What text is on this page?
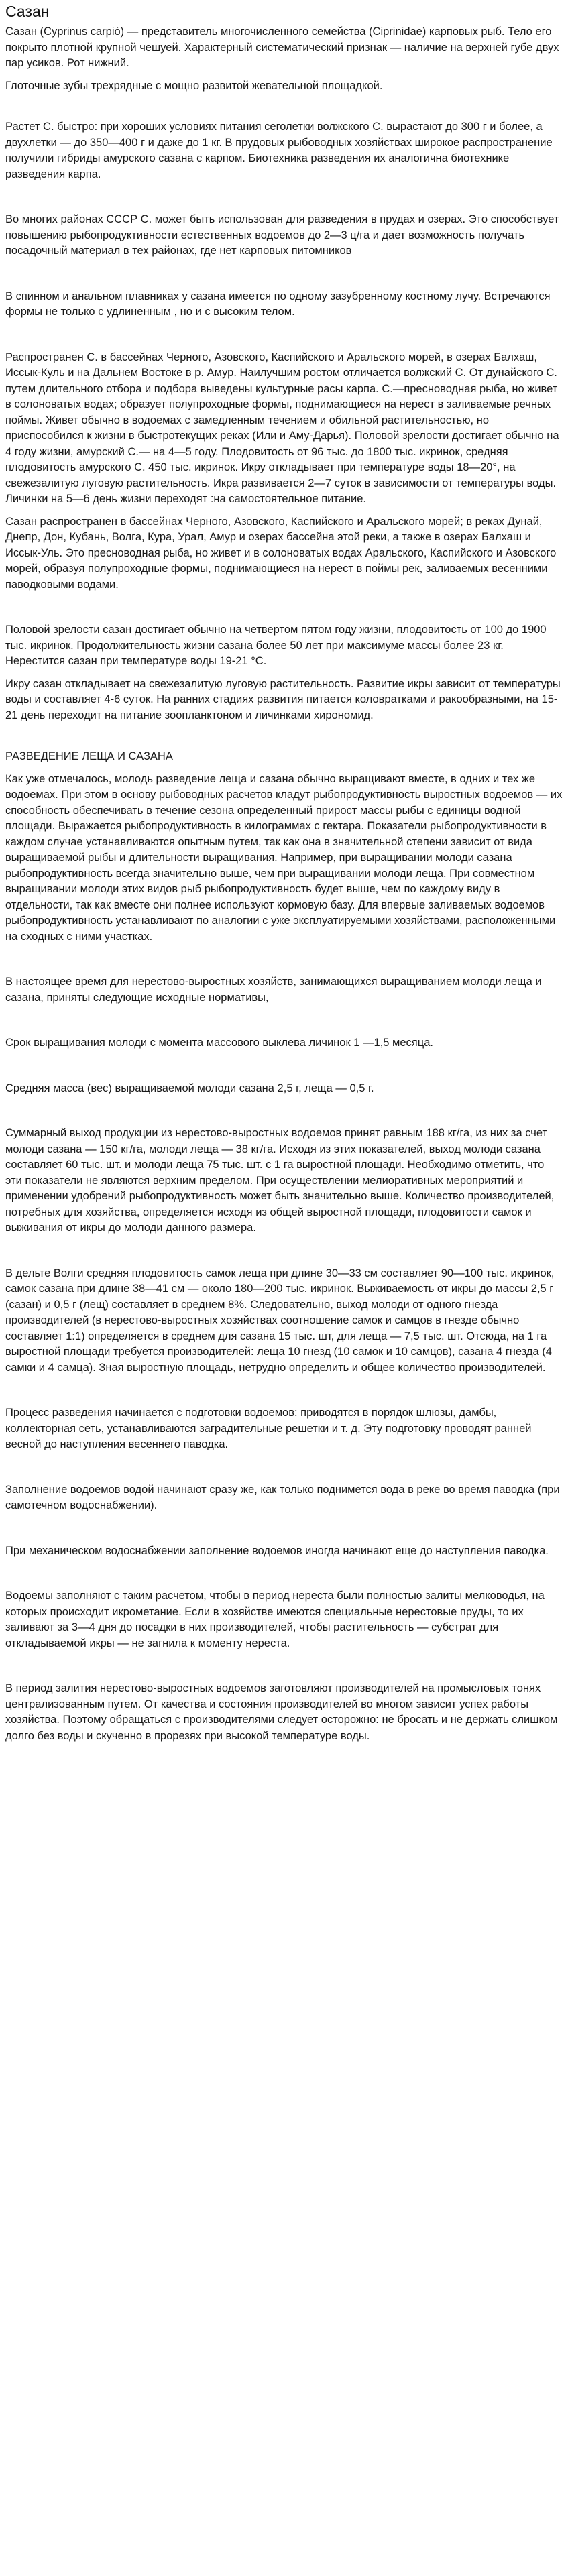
Сазан

Сазан (Cyprinus carpió) — представитель многочисленного семейства (Ciprinidae) карповых рыб. Тело его покрыто плотной крупной чешуей. Характерный систематический признак — наличие на верхней губе двух пар усиков. Рот нижний.

Глоточные зубы трехрядные с мощно развитой жевательной площадкой.

Растет С. быстро: при хороших условиях питания сеголетки волжского С. вырастают до 300 г и более, а двухлетки — до 350—400 г и даже до 1 кг. В прудовых рыбоводных хозяйствах широкое распространение получили гибриды амурского сазана с карпом. Биотехника разведения их аналогична биотехнике разведения карпа.

Во многих районах СССР С. может быть использован для разведения в прудах и озерах. Это способствует повышению рыбопродуктивности естественных водоемов до 2—3 ц/га и дает возможность получать посадочный материал в тех районах, где нет карповых питомников

В спинном и анальном плавниках у сазана имеется по одному зазубренному костному лучу. Встречаются формы не только с удлиненным , но и с высоким телом.

Распространен С. в бассейнах Черного, Азовского, Каспийского и Аральского морей, в озерах Балхаш, Иссык-Куль и на Дальнем Востоке в р. Амур. Наилучшим ростом отличается волжский С. От дунайского С. путем длительного отбора и подбора выведены культурные расы карпа. С.—пресноводная рыба, но живет в солоноватых водах; образует полупроходные формы, поднимающиеся на нерест в заливаемые речных поймы. Живет обычно в водоемах с замедленным течением и обильной растительностью, но приспособился к жизни в быстротекущих реках (Или и Аму-Дарья). Половой зрелости достигает обычно на 4 году жизни, амурский С.— на 4—5 году. Плодовитость от 96 тыс. до 1800 тыс. икринок, средняя плодовитость амурского С. 450 тыс. икринок. Икру откладывает при температуре воды 18—20°, на свежезалитую луговую растительность. Икра развивается 2—7 суток в зависимости от температуры воды. Личинки на 5—6 день жизни переходят :на самостоятельное питание.

Сазан распространен в бассейнах Черного, Азовского, Каспийского и Аральского морей; в реках Дунай, Днепр, Дон, Кубань, Волга, Кура, Урал, Амур и озерах бассейна этой реки, а также в озерах Балхаш и Иссык-Уль. Это пресноводная рыба, но живет и в солоноватых водах Аральского, Каспийского и Азовского морей, образуя полупроходные формы, поднимающиеся на нерест в поймы рек, заливаемых весенними паводковыми водами.

Половой зрелости сазан достигает обычно на четвертом пятом году жизни, плодовитость от 100 до 1900 тыс. икринок. Продолжительность жизни сазана более 50 лет при максимуме массы более 23 кг. Нерестится сазан при температуре воды 19-21 °С.

Икру сазан откладывает на свежезалитую луговую растительность. Развитие икры зависит от температуры воды и составляет 4-6 суток. На ранних стадиях развития питается коловратками и ракообразными, на 15-21 день переходит на питание зоопланктоном и личинками хирономид.

РАЗВЕДЕНИЕ ЛЕЩА И САЗАНА

Как уже отмечалось, молодь разведение леща и сазана обычно выращивают вместе, в одних и тех же водоемах. При этом в основу рыбоводных расчетов кладут рыбопродуктивность выростных водоемов — их способность обеспечивать в течение сезона определенный прирост массы рыбы с единицы водной площади. Выражается рыбопродуктивность в килограммах с гектара. Показатели рыбопродуктивности в каждом случае устанавливаются опытным путем, так как она в значительной степени зависит от вида выращиваемой рыбы и длительности выращивания. Например, при выращивании молоди сазана рыбопродуктивность всегда значительно выше, чем при выращивании молоди леща. При совместном выращивании молоди этих видов рыб рыбопродуктивность будет выше, чем по каждому виду в отдельности, так как вместе они полнее используют кормовую базу. Для впервые заливаемых водоемов рыбопродуктивность устанавливают по аналогии с уже эксплуатируемыми хозяйствами, расположенными на сходных с ними участках.

В настоящее время для нерестово-выростных хозяйств, занимающихся выращиванием молоди леща и сазана, приняты следующие исходные нормативы,

Срок выращивания молоди с момента массового выклева личинок 1 —1,5 месяца.

Средняя масса (вес) выращиваемой молоди сазана 2,5 г, леща — 0,5 г.

Суммарный выход продукции из нерестово-выростных водоемов принят равным 188 кг/га, из них за счет молоди сазана — 150 кг/га, молоди леща — 38 кг/га. Исходя из этих показателей, выход молоди сазана составляет 60 тыс. шт. и молоди леща 75 тыс. шт. с 1 га выростной площади. Необходимо отметить, что эти показатели не являются верхним пределом. При осуществлении мелиоративных мероприятий и применении удобрений рыбопродуктивность может быть значительно выше. Количество производителей, потребных для хозяйства, определяется исходя из общей выростной площади, плодовитости самок и выживания от икры до молоди данного размера.

В дельте Волги средняя плодовитость самок леща при длине 30—33 см составляет 90—100 тыс. икринок, самок сазана при длине 38—41 см — около 180—200 тыс. икринок. Выживаемость от икры до массы 2,5 г (сазан) и 0,5 г (лещ) составляет в среднем 8%. Следовательно, выход молоди от одного гнезда производителей (в нерестово-выростных хозяйствах соотношение самок и самцов в гнезде обычно составляет 1:1) определяется в среднем для сазана 15 тыс. шт, для леща — 7,5 тыс. шт. Отсюда, на 1 га выростной площади требуется производителей: леща 10 гнезд (10 самок и 10 самцов), сазана 4 гнезда (4 самки и 4 самца). Зная выростную площадь, нетрудно определить и общее количество производителей.

Процесс разведения начинается с подготовки водоемов: приводятся в порядок шлюзы, дамбы, коллекторная сеть, устанавливаются заградительные решетки и т. д. Эту подготовку проводят ранней весной до наступления весеннего паводка.

Заполнение водоемов водой начинают сразу же, как только поднимется вода в реке во время паводка (при самотечном водоснабжении).

При механическом водоснабжении заполнение водоемов иногда начинают еще до наступления паводка.

Водоемы заполняют с таким расчетом, чтобы в период нереста были полностью залиты мелководья, на которых происходит икрометание. Если в хозяйстве имеются специальные нерестовые пруды, то их заливают за 3—4 дня до посадки в них производителей, чтобы растительность — субстрат для откладываемой икры — не загнила к моменту нереста.

В период залития нерестово-выростных водоемов заготовляют производителей на промысловых тонях централизованным путем. От качества и состояния производителей во многом зависит успех работы хозяйства. Поэтому обращаться с производителями следует осторожно: не бросать и не держать слишком долго без воды и скученно в прорезях при высокой температуре воды.
